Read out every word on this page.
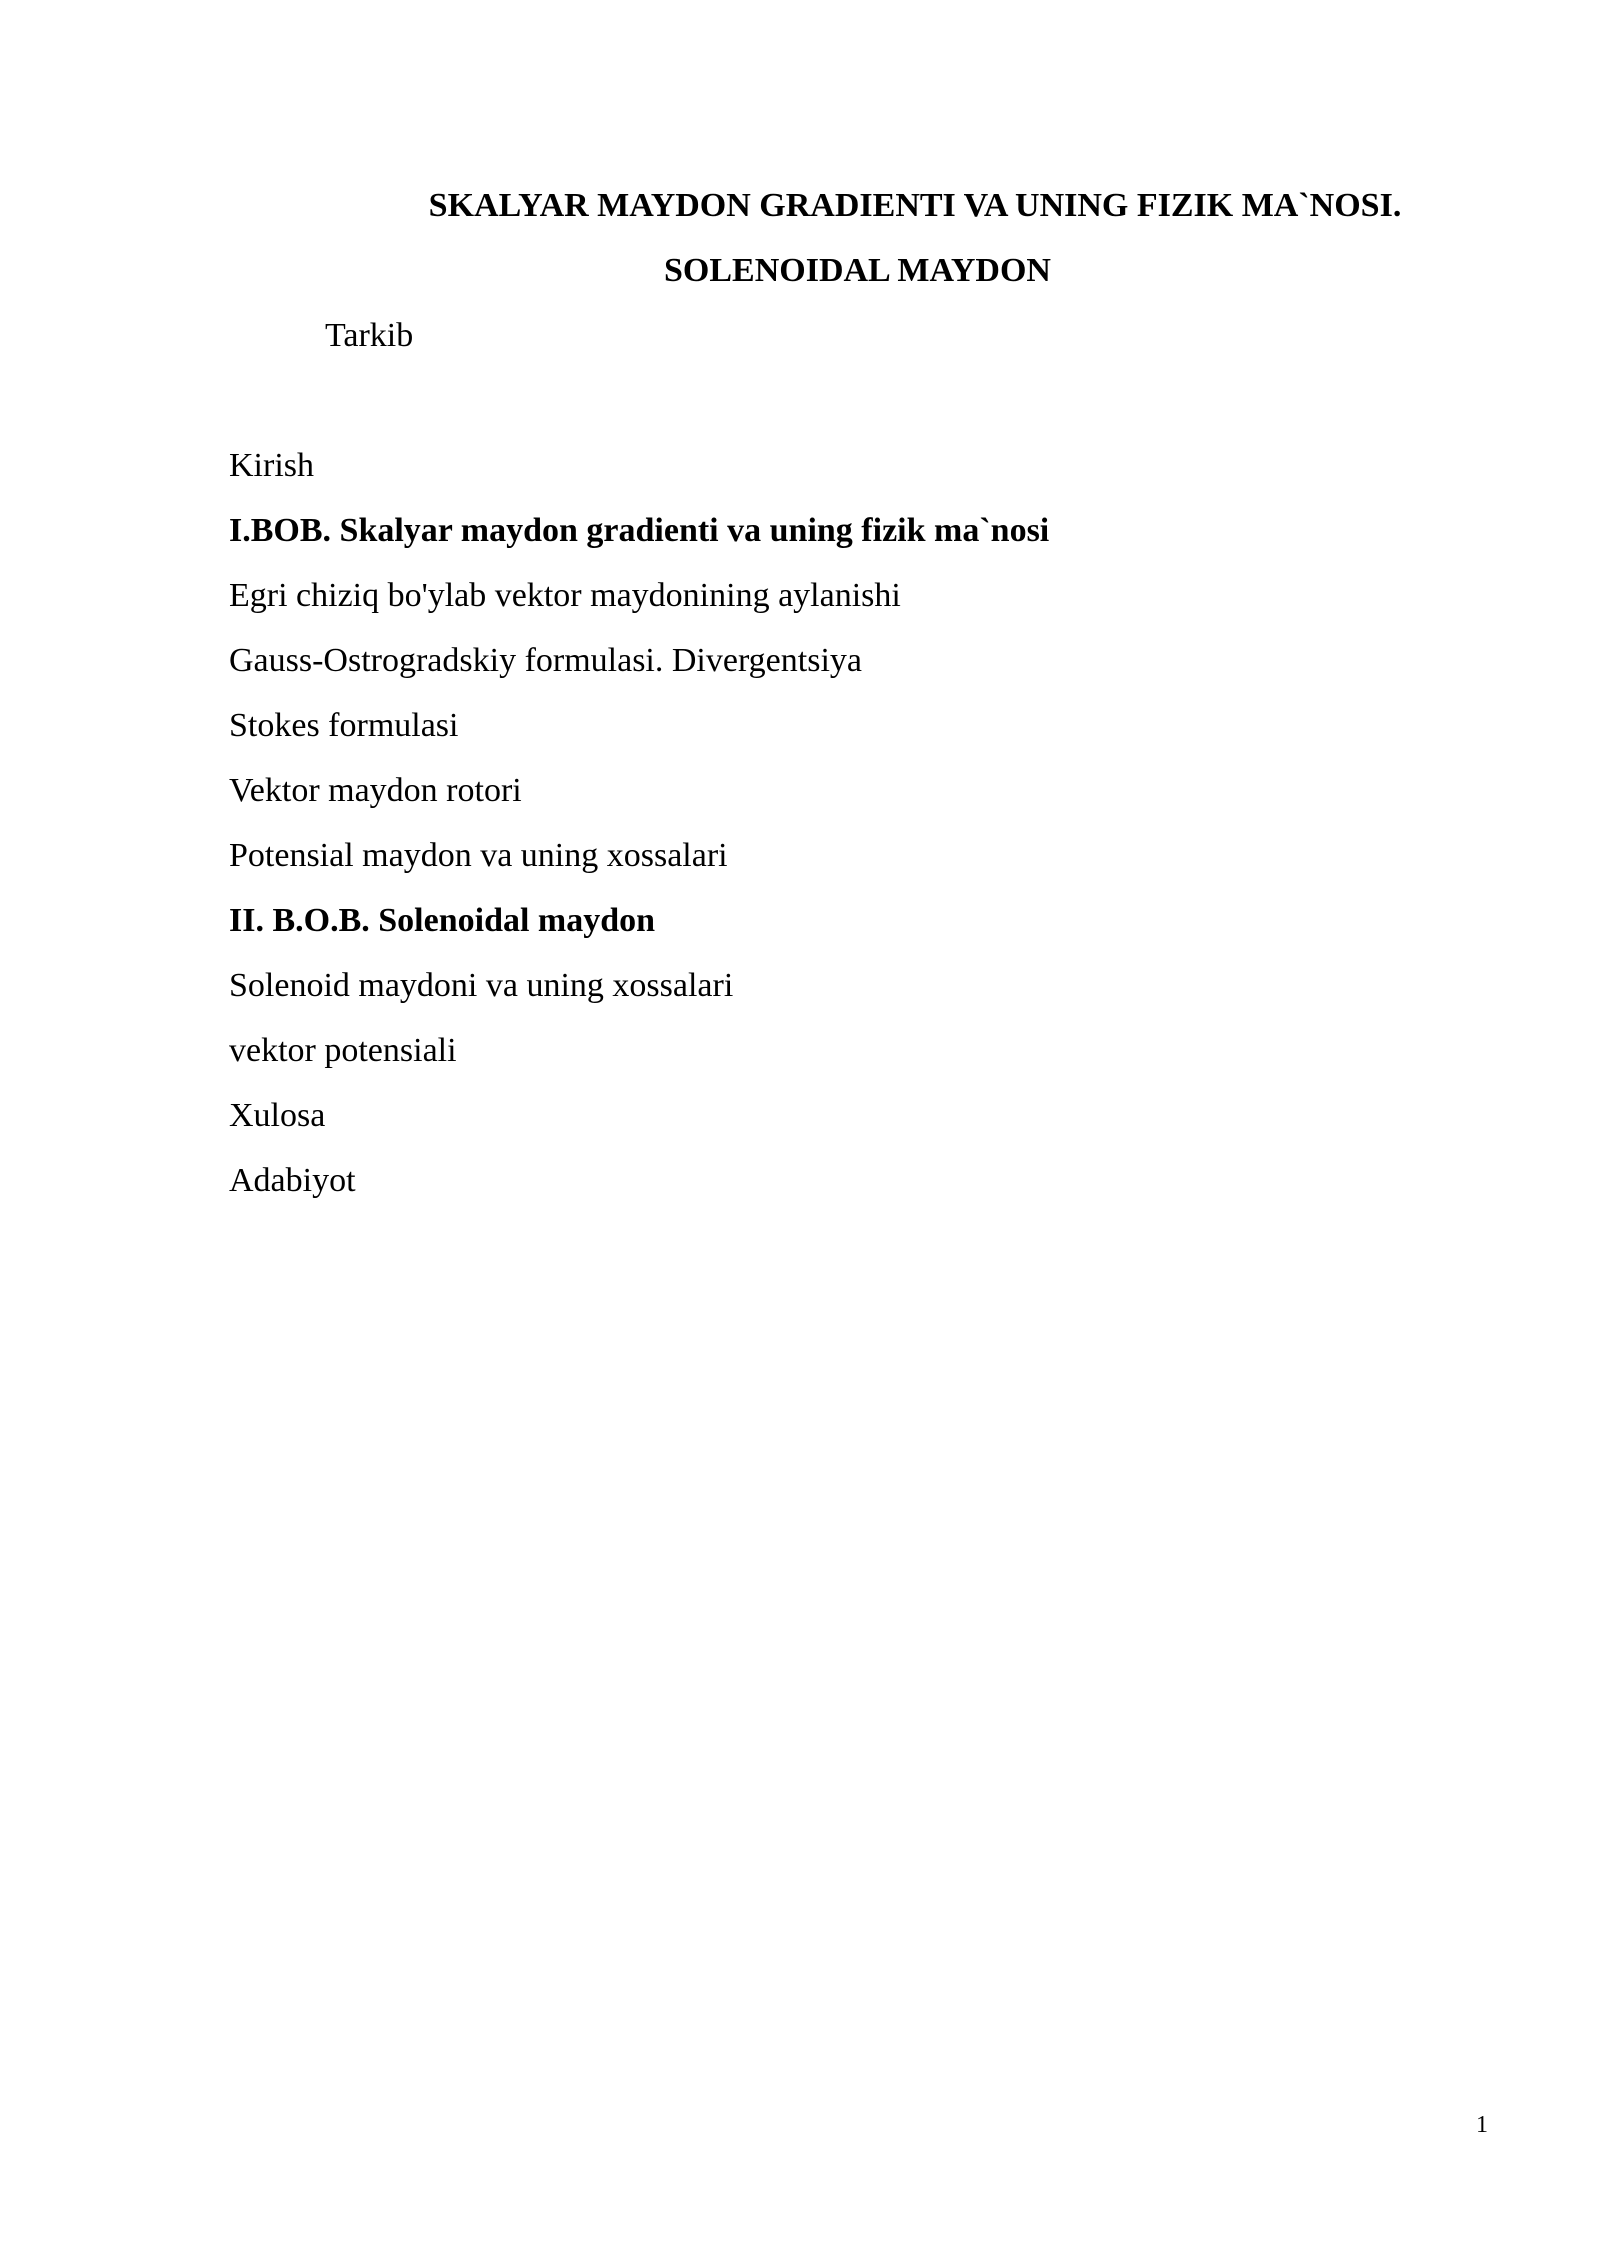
SKALYAR MAYDON GRADIENTI VA UNING FIZIK MA`NOSI.
SOLENOIDAL MAYDON

Tarkib

Kirish
I.BOB. Skalyar maydon gradienti va uning fizik ma`nosi
Egri chiziq bo'ylab vektor maydonining aylanishi
Gauss-Ostrogradskiy formulasi. Divergentsiya
Stokes formulasi
Vektor maydon rotori
Potensial maydon va uning xossalari
II. B.O.B. Solenoidal maydon
Solenoid maydoni va uning xossalari
vektor potensiali
Xulosa
Adabiyot
1
